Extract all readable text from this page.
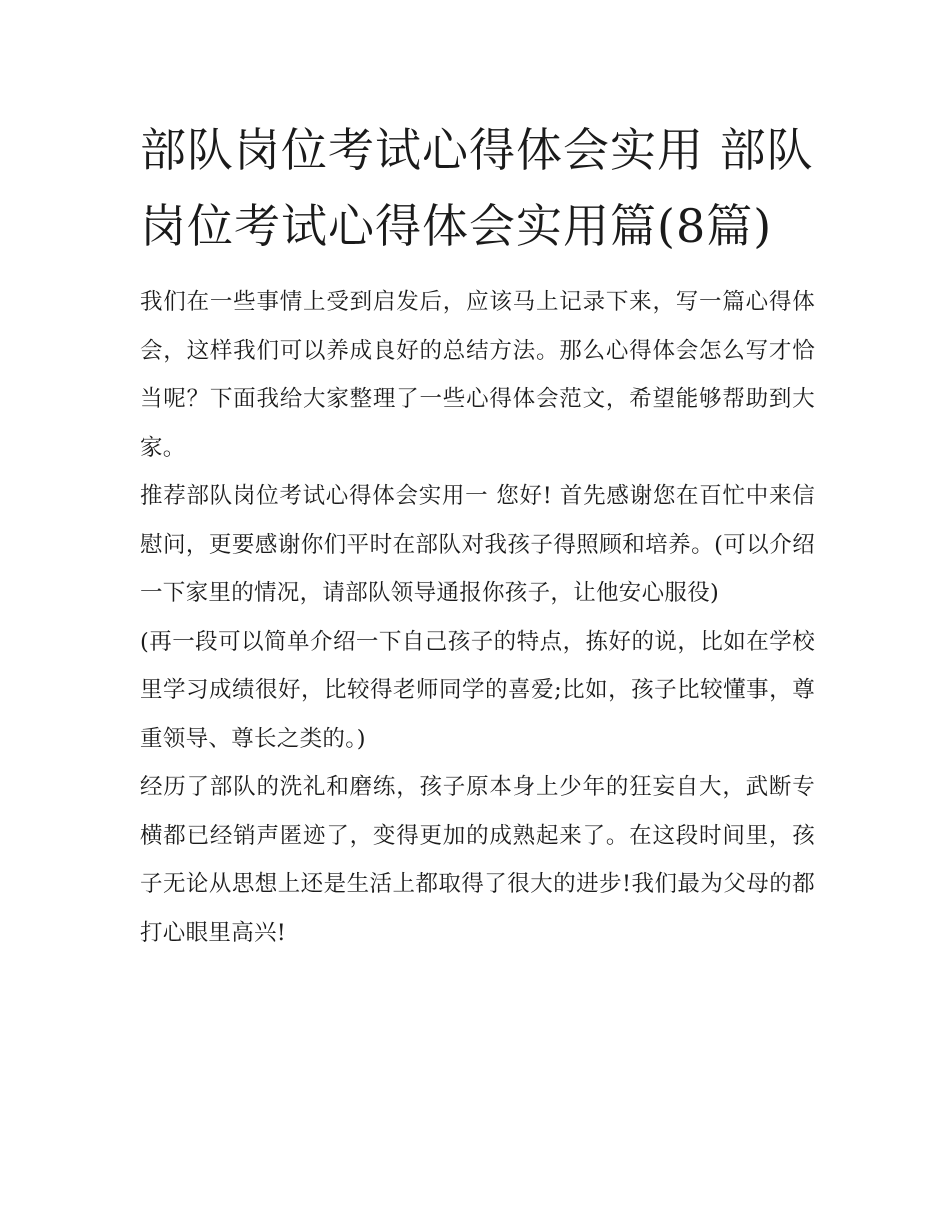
部队岗位考试心得体会实用 部队岗位考试心得体会实用篇(8篇)

我们在一些事情上受到启发后，应该马上记录下来，写一篇心得体会，这样我们可以养成良好的总结方法。那么心得体会怎么写才恰当呢？下面我给大家整理了一些心得体会范文，希望能够帮助到大家。

推荐部队岗位考试心得体会实用一 您好! 首先感谢您在百忙中来信慰问，更要感谢你们平时在部队对我孩子得照顾和培养。(可以介绍一下家里的情况，请部队领导通报你孩子，让他安心服役)

(再一段可以简单介绍一下自己孩子的特点，拣好的说，比如在学校里学习成绩很好，比较得老师同学的喜爱;比如，孩子比较懂事，尊重领导、尊长之类的。)

经历了部队的洗礼和磨练，孩子原本身上少年的狂妄自大，武断专横都已经销声匿迹了，变得更加的成熟起来了。在这段时间里，孩子无论从思想上还是生活上都取得了很大的进步!我们最为父母的都打心眼里高兴!
